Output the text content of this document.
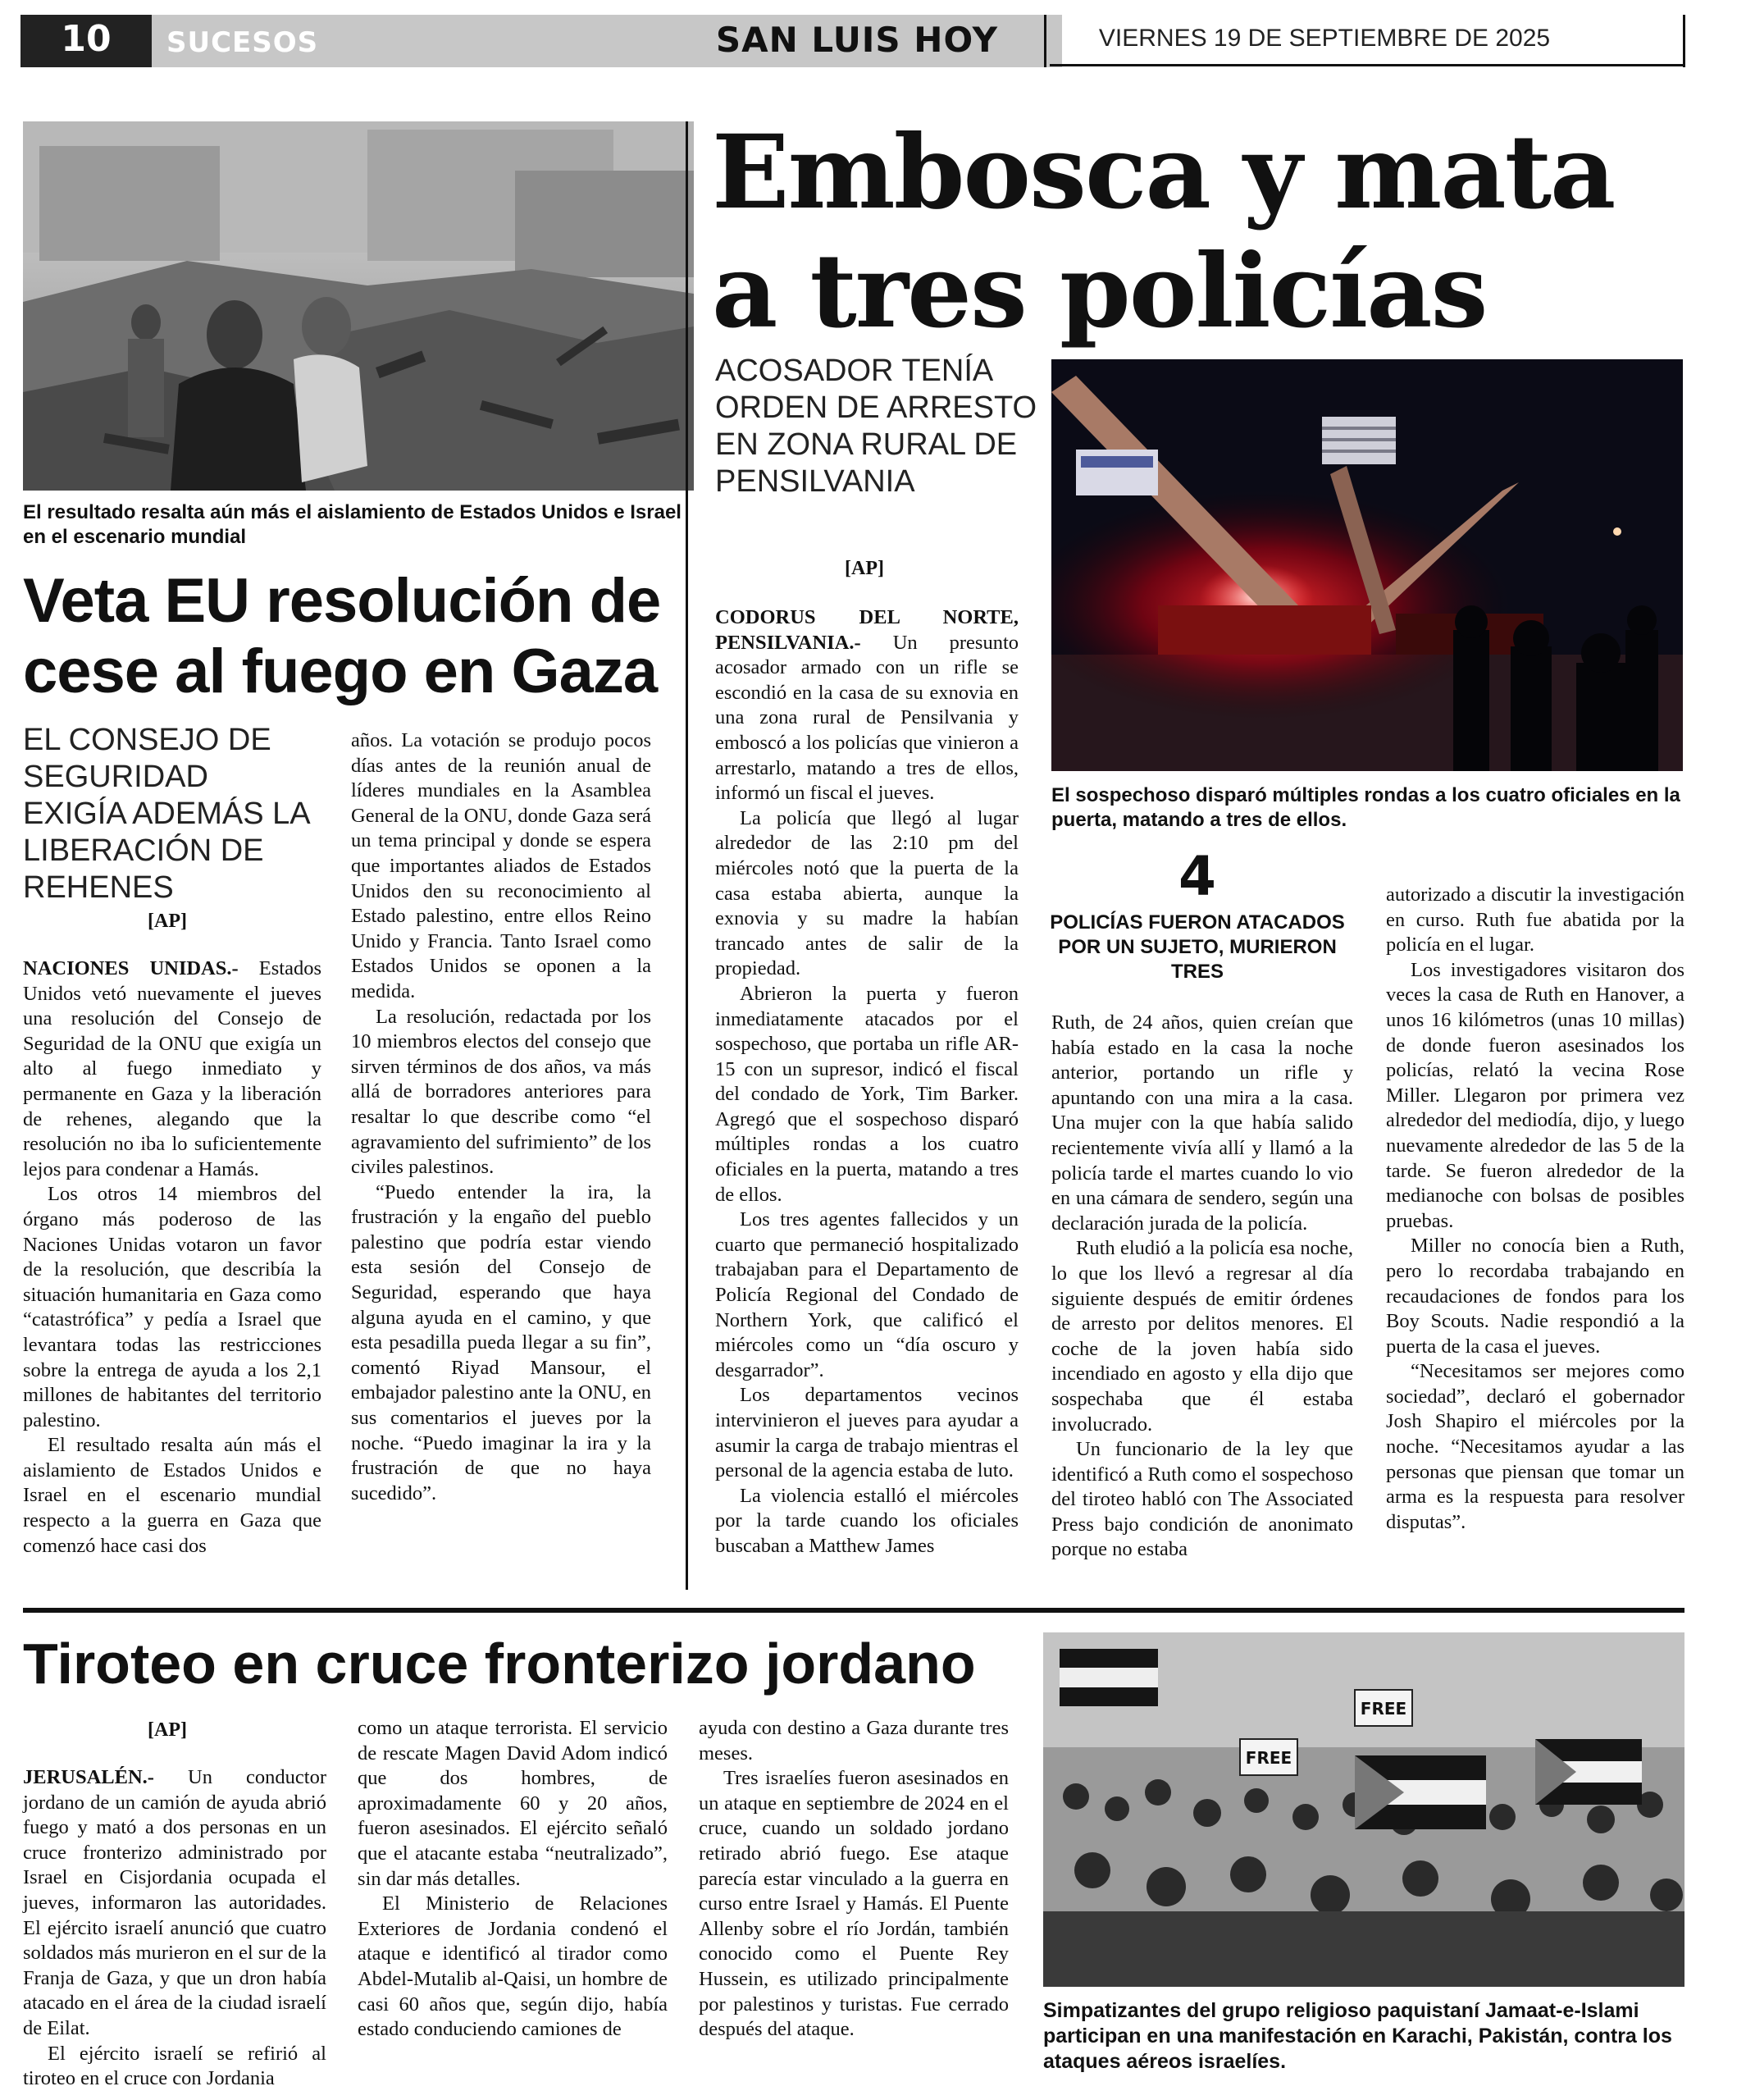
10	SUCESOS	SAN LUIS HOY	VIERNES 19 DE SEPTIEMBRE DE 2025
El resultado resalta aún más el aislamiento de Estados Unidos e Israel en el escenario mundial
Veta EU resolución de cese al fuego en Gaza
EL CONSEJO DE SEGURIDAD EXIGÍA ADEMÁS LA LIBERACIÓN DE REHENES
[AP]

NACIONES UNIDAS.- Estados Unidos vetó nuevamente el jueves una resolución del Consejo de Seguridad de la ONU que exigía un alto al fuego inmediato y permanente en Gaza y la liberación de rehenes, alegando que la resolución no iba lo suficientemente lejos para condenar a Hamás.

Los otros 14 miembros del órgano más poderoso de las Naciones Unidas votaron un favor de la resolución, que describía la situación humanitaria en Gaza como “catastrófica” y pedía a Israel que levantara todas las restricciones sobre la entrega de ayuda a los 2,1 millones de habitantes del territorio palestino.

El resultado resalta aún más el aislamiento de Estados Unidos e Israel en el escenario mundial respecto a la guerra en Gaza que comenzó hace casi dos

años. La votación se produjo pocos días antes de la reunión anual de líderes mundiales en la Asamblea General de la ONU, donde Gaza será un tema principal y donde se espera que importantes aliados de Estados Unidos den su reconocimiento al Estado palestino, entre ellos Reino Unido y Francia. Tanto Israel como Estados Unidos se oponen a la medida.

La resolución, redactada por los 10 miembros electos del consejo que sirven términos de dos años, va más allá de borradores anteriores para resaltar lo que describe como “el agravamiento del sufrimiento” de los civiles palestinos.

“Puedo entender la ira, la frustración y la engaño del pueblo palestino que podría estar viendo esta sesión del Consejo de Seguridad, esperando que haya alguna ayuda en el camino, y que esta pesadilla pueda llegar a su fin”, comentó Riyad Mansour, el embajador palestino ante la ONU, en sus comentarios el jueves por la noche. “Puedo imaginar la ira y la frustración de que no haya sucedido”.

Embosca y mata a tres policías
ACOSADOR TENÍA ORDEN DE ARRESTO EN ZONA RURAL DE PENSILVANIA
[AP]
El sospechoso disparó múltiples rondas a los cuatro oficiales en la puerta, matando a tres de ellos.

CODORUS DEL NORTE, PENSILVANIA.- Un presunto acosador armado con un rifle se escondió en la casa de su exnovia en una zona rural de Pensilvania y emboscó a los policías que vinieron a arrestarlo, matando a tres de ellos, informó un fiscal el jueves.

La policía que llegó al lugar alrededor de las 2:10 pm del miércoles notó que la puerta de la casa estaba abierta, aunque la exnovia y su madre la habían trancado antes de salir de la propiedad.

Abrieron la puerta y fueron inmediatamente atacados por el sospechoso, que portaba un rifle AR-15 con un supresor, indicó el fiscal del condado de York, Tim Barker. Agregó que el sospechoso disparó múltiples rondas a los cuatro oficiales en la puerta, matando a tres de ellos.

Los tres agentes fallecidos y un cuarto que permaneció hospitalizado trabajaban para el Departamento de Policía Regional del Condado de Northern York, que calificó el miércoles como un “día oscuro y desgarrador”.

Los departamentos vecinos intervinieron el jueves para ayudar a asumir la carga de trabajo mientras el personal de la agencia estaba de luto.

La violencia estalló el miércoles por la tarde cuando los oficiales buscaban a Matthew James

4
POLICÍAS FUERON ATACADOS POR UN SUJETO, MURIERON TRES

Ruth, de 24 años, quien creían que había estado en la casa la noche anterior, portando un rifle y apuntando con una mira a la casa. Una mujer con la que había salido recientemente vivía allí y llamó a la policía tarde el martes cuando lo vio en una cámara de sendero, según una declaración jurada de la policía.

Ruth eludió a la policía esa noche, lo que los llevó a regresar al día siguiente después de emitir órdenes de arresto por delitos menores. El coche de la joven había sido incendiado en agosto y ella dijo que sospechaba que él estaba involucrado.

Un funcionario de la ley que identificó a Ruth como el sospechoso del tiroteo habló con The Associated Press bajo condición de anonimato porque no estaba

autorizado a discutir la investigación en curso. Ruth fue abatida por la policía en el lugar.

Los investigadores visitaron dos veces la casa de Ruth en Hanover, a unos 16 kilómetros (unas 10 millas) de donde fueron asesinados los policías, relató la vecina Rose Miller. Llegaron por primera vez alrededor del mediodía, dijo, y luego nuevamente alrededor de las 5 de la tarde. Se fueron alrededor de la medianoche con bolsas de posibles pruebas.

Miller no conocía bien a Ruth, pero lo recordaba trabajando en recaudaciones de fondos para los Boy Scouts. Nadie respondió a la puerta de la casa el jueves.

“Necesitamos ser mejores como sociedad”, declaró el gobernador Josh Shapiro el miércoles por la noche. “Necesitamos ayudar a las personas que piensan que tomar un arma es la respuesta para resolver disputas”.

Tiroteo en cruce fronterizo jordano
[AP]

JERUSALÉN.- Un conductor jordano de un camión de ayuda abrió fuego y mató a dos personas en un cruce fronterizo administrado por Israel en Cisjordania ocupada el jueves, informaron las autoridades. El ejército israelí anunció que cuatro soldados más murieron en el sur de la Franja de Gaza, y que un dron había atacado en el área de la ciudad israelí de Eilat.

El ejército israelí se refirió al tiroteo en el cruce con Jordania

como un ataque terrorista. El servicio de rescate Magen David Adom indicó que dos hombres, de aproximadamente 60 y 20 años, fueron asesinados. El ejército señaló que el atacante estaba “neutralizado”, sin dar más detalles.

El Ministerio de Relaciones Exteriores de Jordania condenó el ataque e identificó al tirador como Abdel-Mutalib al-Qaisi, un hombre de casi 60 años que, según dijo, había estado conduciendo camiones de

ayuda con destino a Gaza durante tres meses.

Tres israelíes fueron asesinados en un ataque en septiembre de 2024 en el cruce, cuando un soldado jordano retirado abrió fuego. Ese ataque parecía estar vinculado a la guerra en curso entre Israel y Hamás. El Puente Allenby sobre el río Jordán, también conocido como el Puente Rey Hussein, es utilizado principalmente por palestinos y turistas. Fue cerrado después del ataque.

FREE
FREE
Simpatizantes del grupo religioso paquistaní Jamaat-e-Islami participan en una manifestación en Karachi, Pakistán, contra los ataques aéreos israelíes.
